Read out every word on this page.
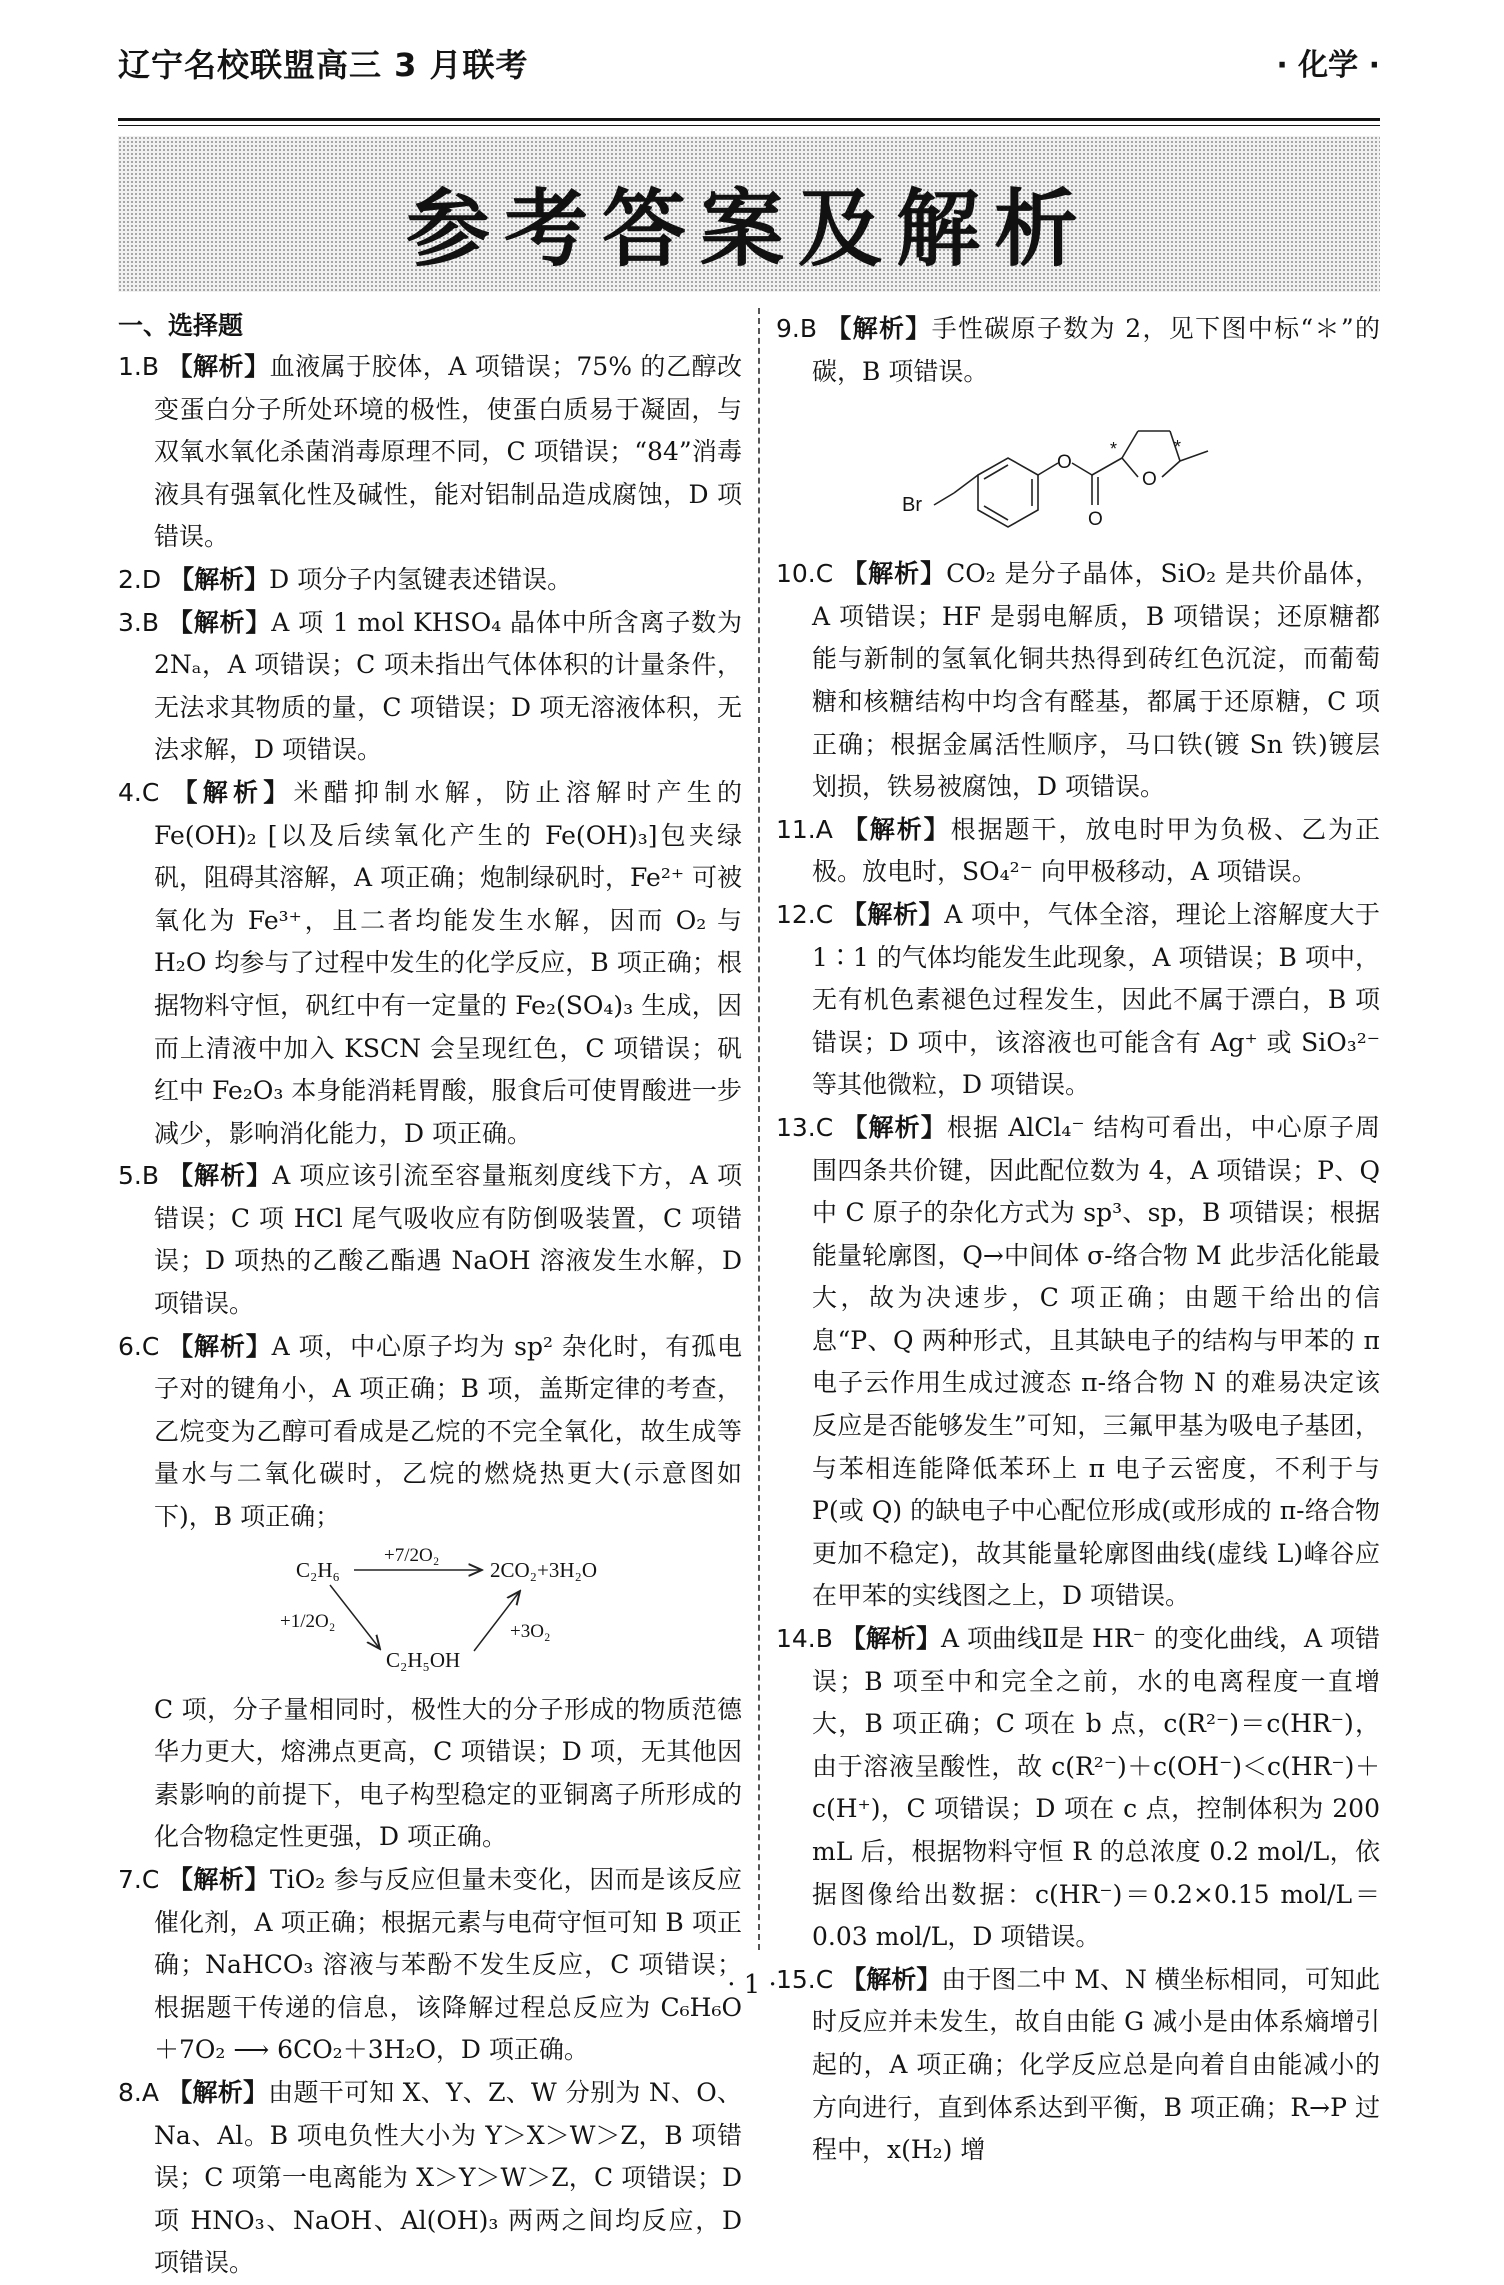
辽宁名校联盟高三 3 月联考	· 化学 ·
参考答案及解析
一、选择题

1.B 【解析】血液属于胶体，A 项错误；75% 的乙醇改变蛋白分子所处环境的极性，使蛋白质易于凝固，与双氧水氧化杀菌消毒原理不同，C 项错误；“84”消毒液具有强氧化性及碱性，能对铝制品造成腐蚀，D 项错误。

2.D 【解析】D 项分子内氢键表述错误。

3.B 【解析】A 项 1 mol KHSO₄ 晶体中所含离子数为 2Nₐ，A 项错误；C 项未指出气体体积的计量条件，无法求其物质的量，C 项错误；D 项无溶液体积，无法求解，D 项错误。

4.C 【解析】米醋抑制水解，防止溶解时产生的 Fe(OH)₂ [以及后续氧化产生的 Fe(OH)₃]包夹绿矾，阻碍其溶解，A 项正确；炮制绿矾时，Fe²⁺ 可被氧化为 Fe³⁺，且二者均能发生水解，因而 O₂ 与 H₂O 均参与了过程中发生的化学反应，B 项正确；根据物料守恒，矾红中有一定量的 Fe₂(SO₄)₃ 生成，因而上清液中加入 KSCN 会呈现红色，C 项错误；矾红中 Fe₂O₃ 本身能消耗胃酸，服食后可使胃酸进一步减少，影响消化能力，D 项正确。

5.B 【解析】A 项应该引流至容量瓶刻度线下方，A 项错误；C 项 HCl 尾气吸收应有防倒吸装置，C 项错误；D 项热的乙酸乙酯遇 NaOH 溶液发生水解，D 项错误。

6.C 【解析】A 项，中心原子均为 sp² 杂化时，有孤电子对的键角小，A 项正确；B 项，盖斯定律的考查，乙烷变为乙醇可看成是乙烷的不完全氧化，故生成等量水与二氧化碳时，乙烷的燃烧热更大(示意图如下)，B 项正确；

C₂H₆
+7/2O₂
2CO₂+3H₂O
+1/2O₂
C₂H₅OH
+3O₂

C 项，分子量相同时，极性大的分子形成的物质范德华力更大，熔沸点更高，C 项错误；D 项，无其他因素影响的前提下，电子构型稳定的亚铜离子所形成的化合物稳定性更强，D 项正确。

7.C 【解析】TiO₂ 参与反应但量未变化，因而是该反应催化剂，A 项正确；根据元素与电荷守恒可知 B 项正确；NaHCO₃ 溶液与苯酚不发生反应，C 项错误；根据题干传递的信息，该降解过程总反应为 C₆H₆O＋7O₂ ⟶ 6CO₂＋3H₂O，D 项正确。

8.A 【解析】由题干可知 X、Y、Z、W 分别为 N、O、Na、Al。B 项电负性大小为 Y＞X＞W＞Z，B 项错误；C 项第一电离能为 X＞Y＞W＞Z，C 项错误；D 项 HNO₃、NaOH、Al(OH)₃ 两两之间均反应，D 项错误。

9.B 【解析】手性碳原子数为 2，见下图中标“＊”的碳，B 项错误。

Br
O
O
O
*	*

10.C 【解析】CO₂ 是分子晶体，SiO₂ 是共价晶体，A 项错误；HF 是弱电解质，B 项错误；还原糖都能与新制的氢氧化铜共热得到砖红色沉淀，而葡萄糖和核糖结构中均含有醛基，都属于还原糖，C 项正确；根据金属活性顺序，马口铁(镀 Sn 铁)镀层划损，铁易被腐蚀，D 项错误。

11.A 【解析】根据题干，放电时甲为负极、乙为正极。放电时，SO₄²⁻ 向甲极移动，A 项错误。

12.C 【解析】A 项中，气体全溶，理论上溶解度大于 1∶1 的气体均能发生此现象，A 项错误；B 项中，无有机色素褪色过程发生，因此不属于漂白，B 项错误；D 项中，该溶液也可能含有 Ag⁺ 或 SiO₃²⁻ 等其他微粒，D 项错误。

13.C 【解析】根据 AlCl₄⁻ 结构可看出，中心原子周围四条共价键，因此配位数为 4，A 项错误；P、Q 中 C 原子的杂化方式为 sp³、sp，B 项错误；根据能量轮廓图，Q→中间体 σ-络合物 M 此步活化能最大，故为决速步，C 项正确；由题干给出的信息“P、Q 两种形式，且其缺电子的结构与甲苯的 π 电子云作用生成过渡态 π-络合物 N 的难易决定该反应是否能够发生”可知，三氟甲基为吸电子基团，与苯相连能降低苯环上 π 电子云密度，不利于与 P(或 Q) 的缺电子中心配位形成(或形成的 π-络合物更加不稳定)，故其能量轮廓图曲线(虚线 L)峰谷应在甲苯的实线图之上，D 项错误。

14.B 【解析】A 项曲线Ⅱ是 HR⁻ 的变化曲线，A 项错误；B 项至中和完全之前，水的电离程度一直增大，B 项正确；C 项在 b 点，c(R²⁻)＝c(HR⁻)，由于溶液呈酸性，故 c(R²⁻)＋c(OH⁻)＜c(HR⁻)＋c(H⁺)，C 项错误；D 项在 c 点，控制体积为 200 mL 后，根据物料守恒 R 的总浓度 0.2 mol/L，依据图像给出数据：c(HR⁻)＝0.2×0.15 mol/L＝0.03 mol/L，D 项错误。

15.C 【解析】由于图二中 M、N 横坐标相同，可知此时反应并未发生，故自由能 G 减小是由体系熵增引起的，A 项正确；化学反应总是向着自由能减小的方向进行，直到体系达到平衡，B 项正确；R→P 过程中，x(H₂) 增

· 1 ·
